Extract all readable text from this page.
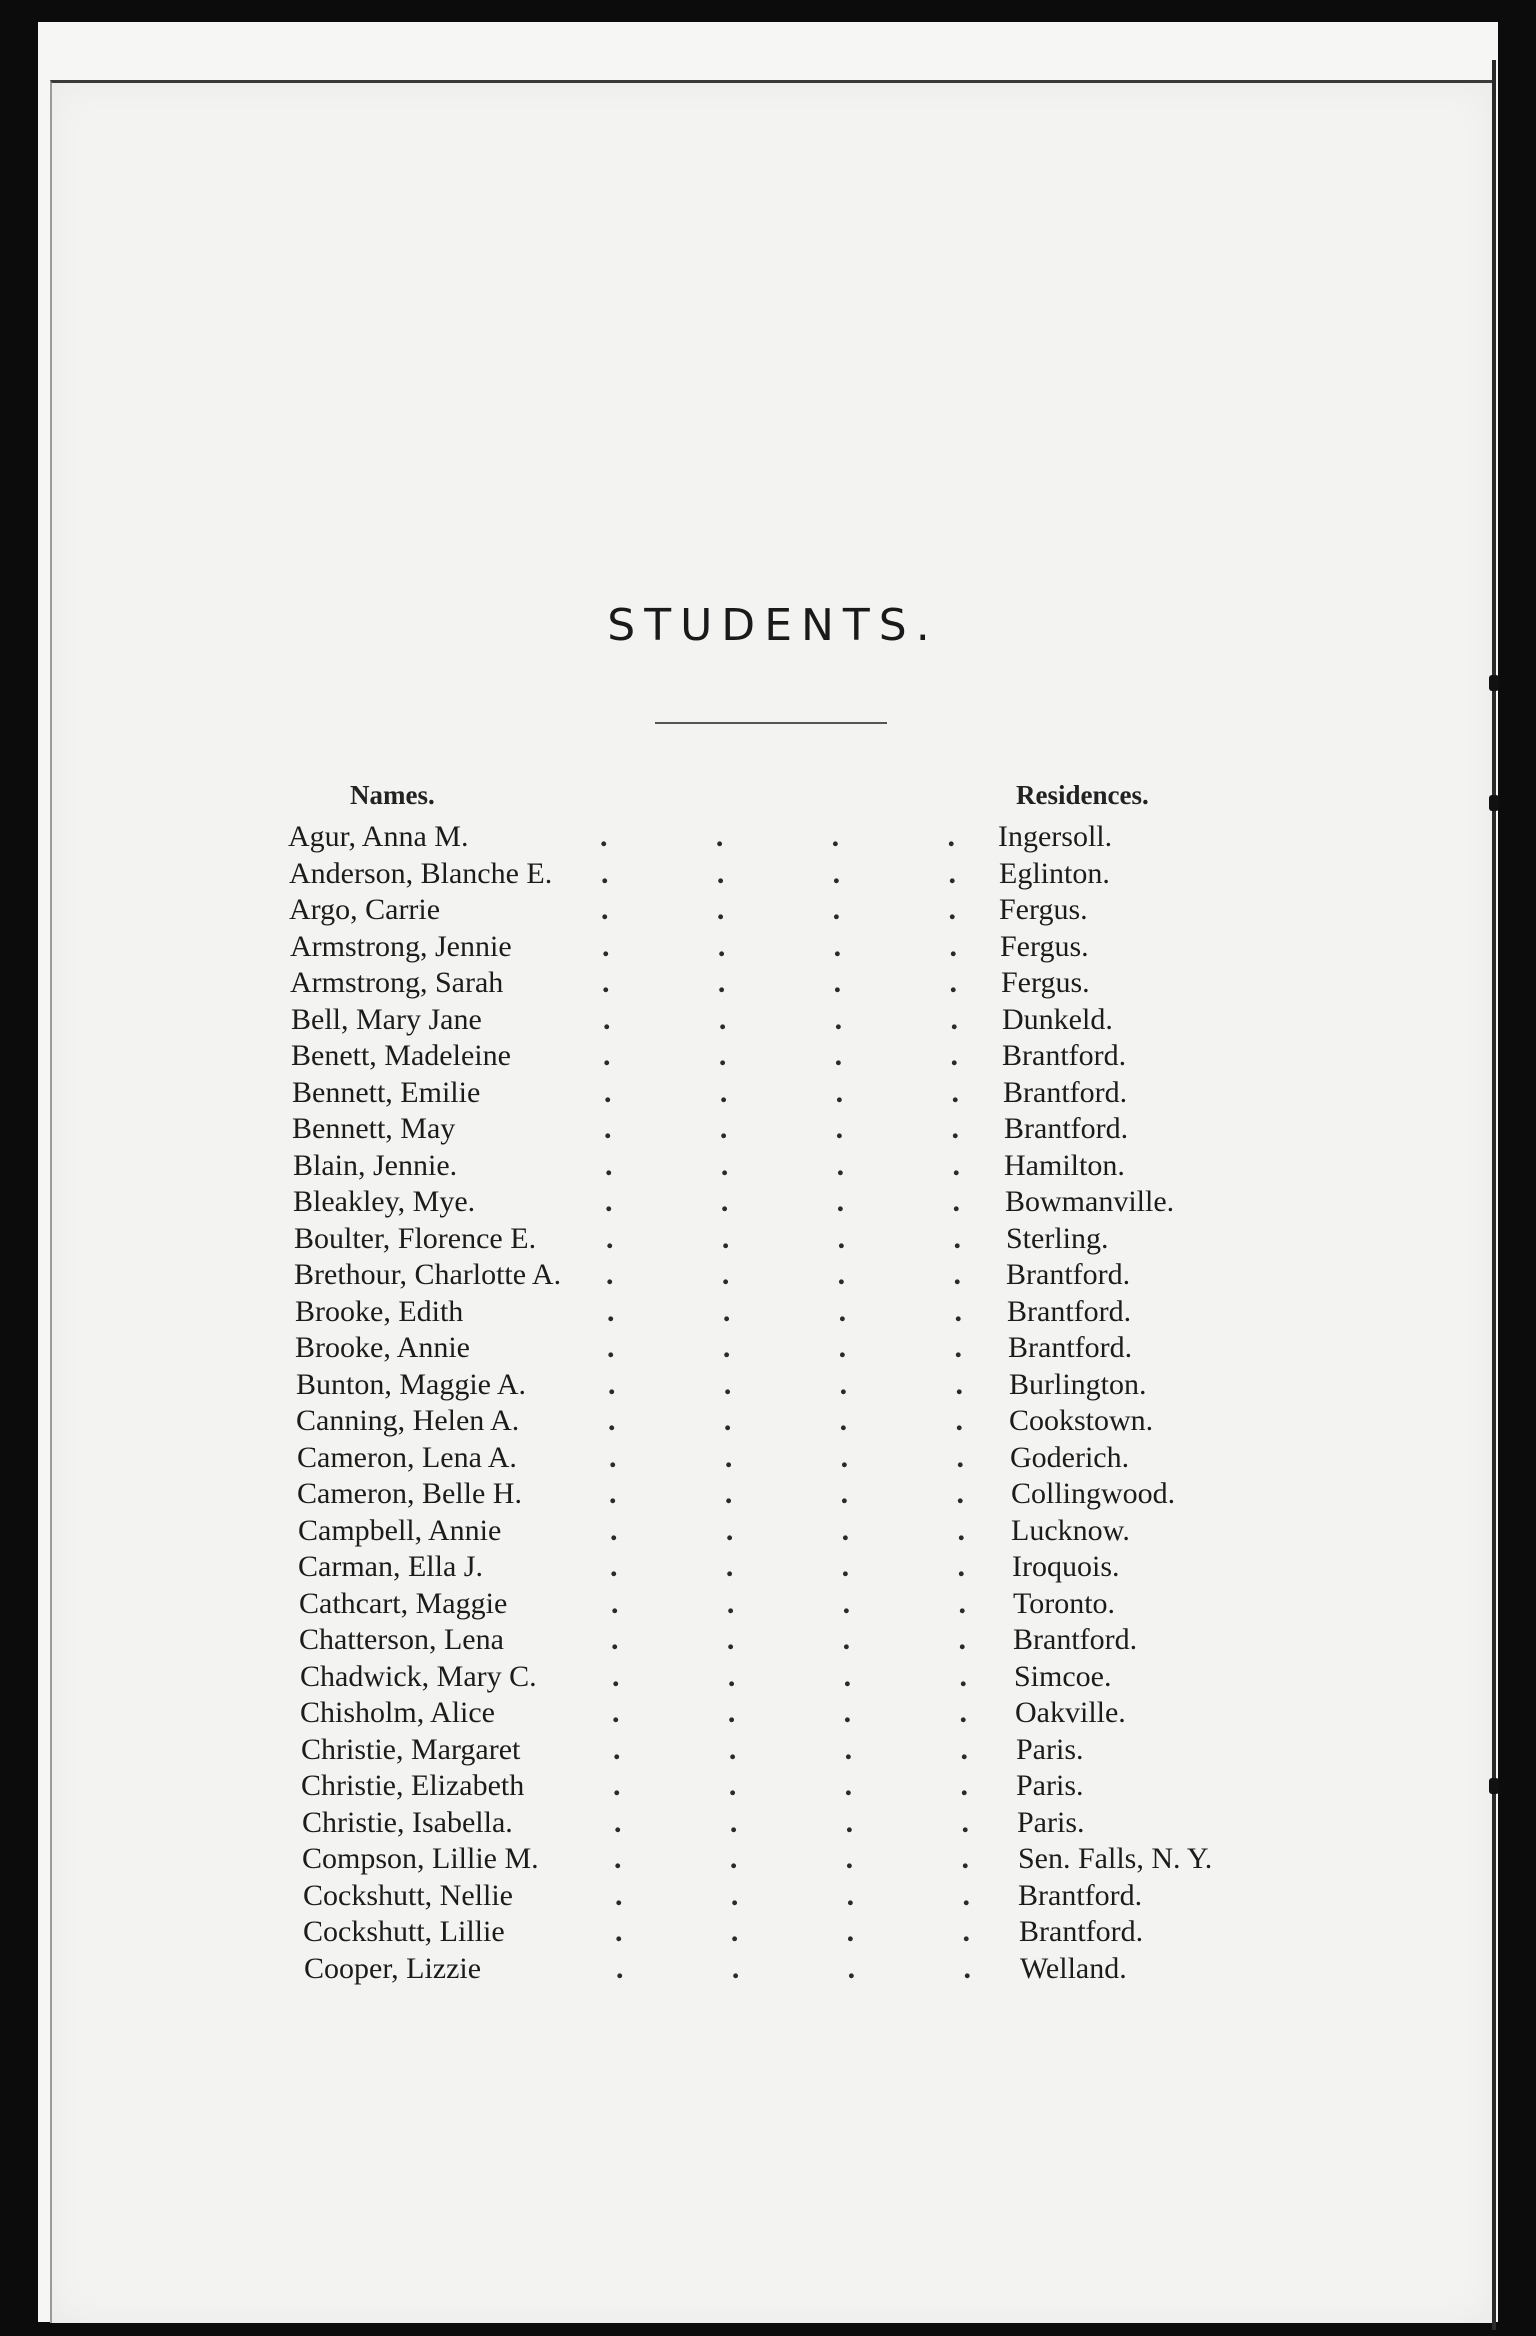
STUDENTS.
Names.	Residences.
Agur, Anna M.	.	.	.	. Ingersoll.
Anderson, Blanche E. .	.	.	. Eglinton.
Argo, Carrie	.	.	.	. Fergus.
Armstrong, Jennie	.	.	.	. Fergus.
Armstrong, Sarah	.	.	.	. Fergus.
Bell, Mary Jane	.	.	.	. Dunkeld.
Benett, Madeleine	.	.	.	. Brantford.
Bennett, Emilie	.	.	.	. Brantford.
Bennett, May	.	.	.	. Brantford.
Blain, Jennie.	.	.	.	. Hamilton.
Bleakley, Mye.	.	.	.	. Bowmanville.
Boulter, Florence E. .	.	.	. Sterling.
Brethour, Charlotte A. .	.	.	. Brantford.
Brooke, Edith	.	.	.	. Brantford.
Brooke, Annie	.	.	.	. Brantford.
Bunton, Maggie A.	.	.	.	. Burlington.
Canning, Helen A.	.	.	.	. Cookstown.
Cameron, Lena A.	.	.	.	. Goderich.
Cameron, Belle H.	.	.	.	. Collingwood.
Campbell, Annie	.	.	.	. Lucknow.
Carman, Ella J.	.	.	.	. Iroquois.
Cathcart, Maggie	.	.	.	. Toronto.
Chatterson, Lena	.	.	.	. Brantford.
Chadwick, Mary C.	.	.	.	. Simcoe.
Chisholm, Alice	.	.	.	. Oakville.
Christie, Margaret	.	.	.	. Paris.
Christie, Elizabeth	.	.	.	. Paris.
Christie, Isabella.	.	.	.	. Paris.
Compson, Lillie M.	.	.	.	. Sen. Falls, N. Y.
Cockshutt, Nellie	.	.	.	. Brantford.
Cockshutt, Lillie	.	.	.	. Brantford.
Cooper, Lizzie	.	.	.	. Welland.
